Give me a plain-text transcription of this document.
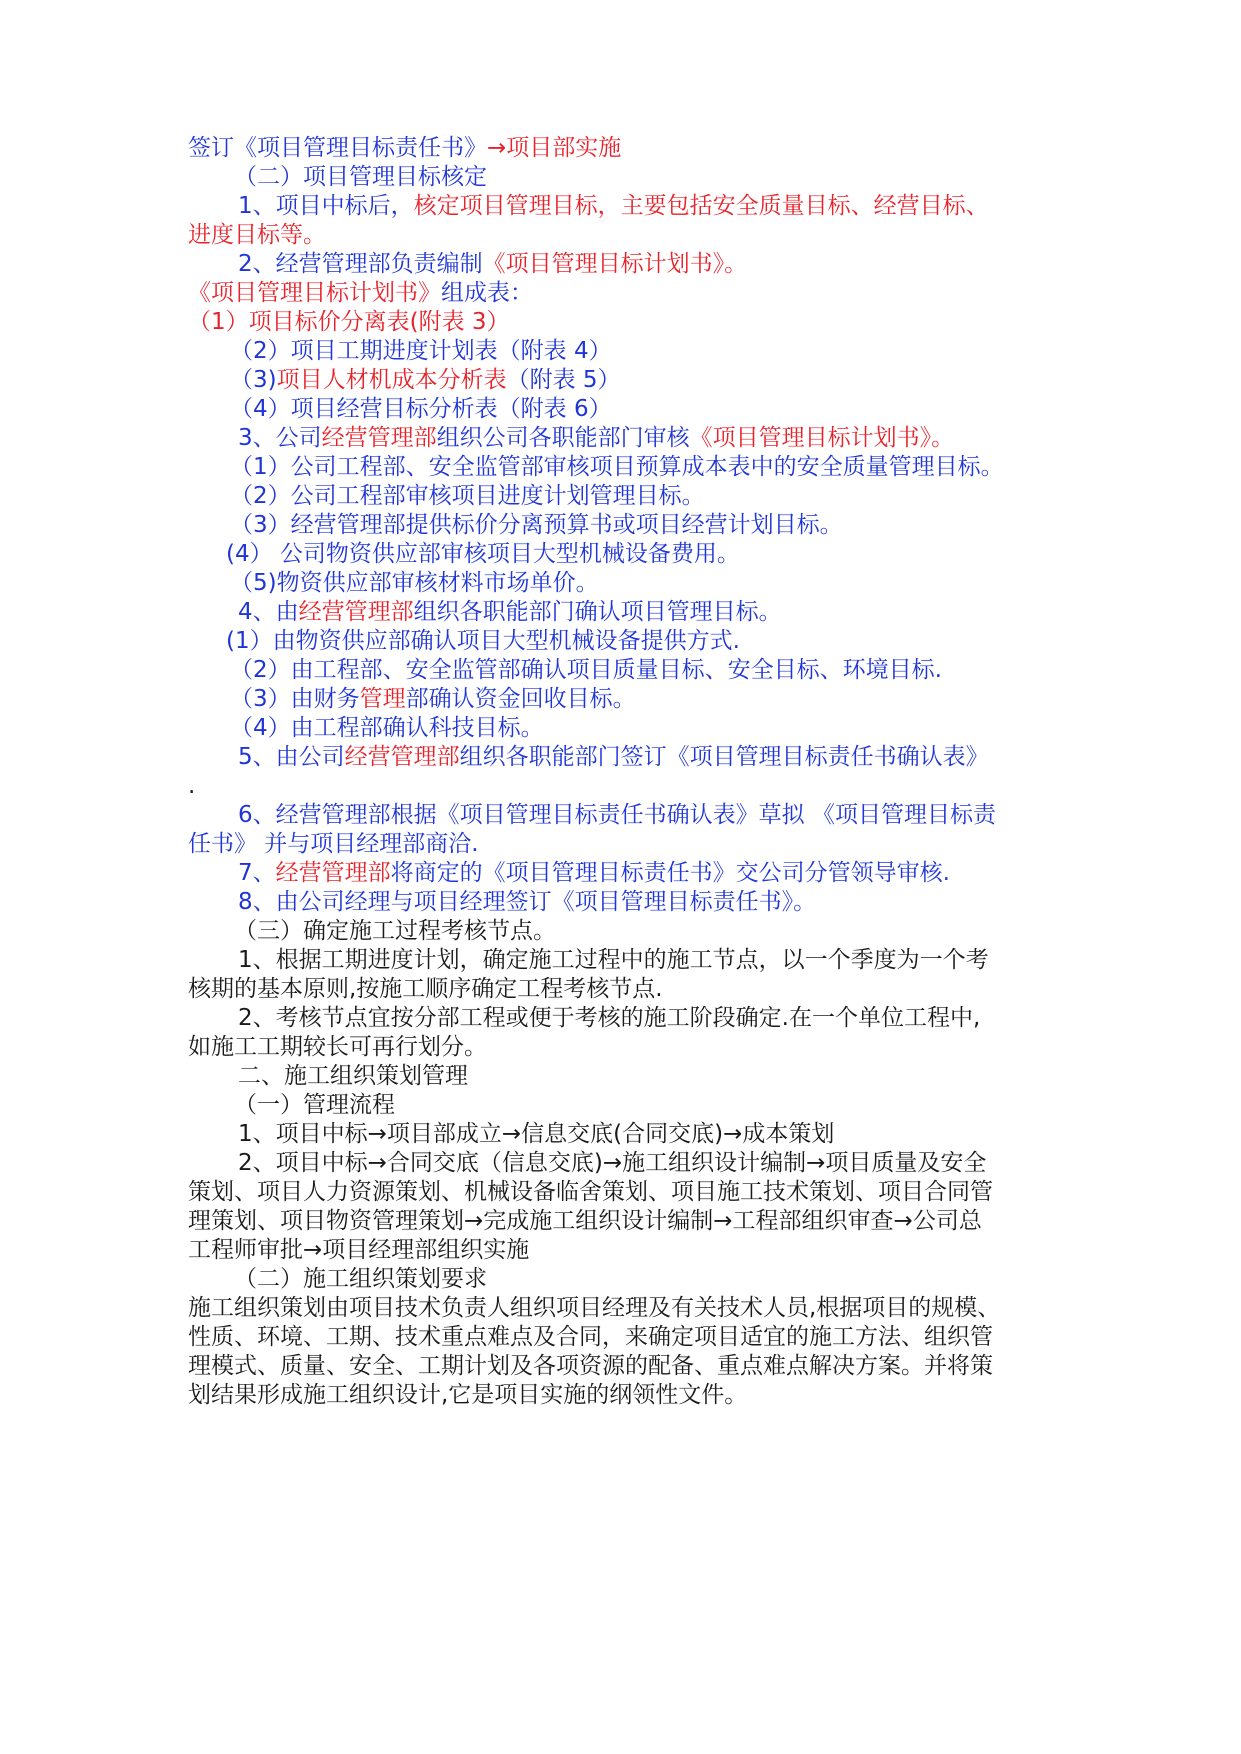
签订《项目管理目标责任书》→项目部实施
（二）项目管理目标核定
1、项目中标后，核定项目管理目标，主要包括安全质量目标、经营目标、
进度目标等。
2、经营管理部负责编制《项目管理目标计划书》。
《项目管理目标计划书》组成表：
（1）项目标价分离表(附表 3）
（2）项目工期进度计划表（附表 4）
（3)项目人材机成本分析表（附表 5）
（4）项目经营目标分析表（附表 6）
3、公司经营管理部组织公司各职能部门审核《项目管理目标计划书》。
（1）公司工程部、安全监管部审核项目预算成本表中的安全质量管理目标。
（2）公司工程部审核项目进度计划管理目标。
（3）经营管理部提供标价分离预算书或项目经营计划目标。
(4） 公司物资供应部审核项目大型机械设备费用。
（5)物资供应部审核材料市场单价。
4、由经营管理部组织各职能部门确认项目管理目标。
(1）由物资供应部确认项目大型机械设备提供方式.
（2）由工程部、安全监管部确认项目质量目标、安全目标、环境目标.
（3）由财务管理部确认资金回收目标。
（4）由工程部确认科技目标。
5、由公司经营管理部组织各职能部门签订《项目管理目标责任书确认表》
.
6、经营管理部根据《项目管理目标责任书确认表》草拟 《项目管理目标责
任书》 并与项目经理部商洽.
7、经营管理部将商定的《项目管理目标责任书》交公司分管领导审核.
8、由公司经理与项目经理签订《项目管理目标责任书》。
（三）确定施工过程考核节点。
1、根据工期进度计划，确定施工过程中的施工节点，以一个季度为一个考
核期的基本原则,按施工顺序确定工程考核节点.
2、考核节点宜按分部工程或便于考核的施工阶段确定.在一个单位工程中,
如施工工期较长可再行划分。
二、施工组织策划管理
（一）管理流程
1、项目中标→项目部成立→信息交底(合同交底)→成本策划
2、项目中标→合同交底（信息交底)→施工组织设计编制→项目质量及安全
策划、项目人力资源策划、机械设备临舍策划、项目施工技术策划、项目合同管
理策划、项目物资管理策划→完成施工组织设计编制→工程部组织审查→公司总
工程师审批→项目经理部组织实施
（二）施工组织策划要求
施工组织策划由项目技术负责人组织项目经理及有关技术人员,根据项目的规模、
性质、环境、工期、技术重点难点及合同，来确定项目适宜的施工方法、组织管
理模式、质量、安全、工期计划及各项资源的配备、重点难点解决方案。并将策
划结果形成施工组织设计,它是项目实施的纲领性文件。
